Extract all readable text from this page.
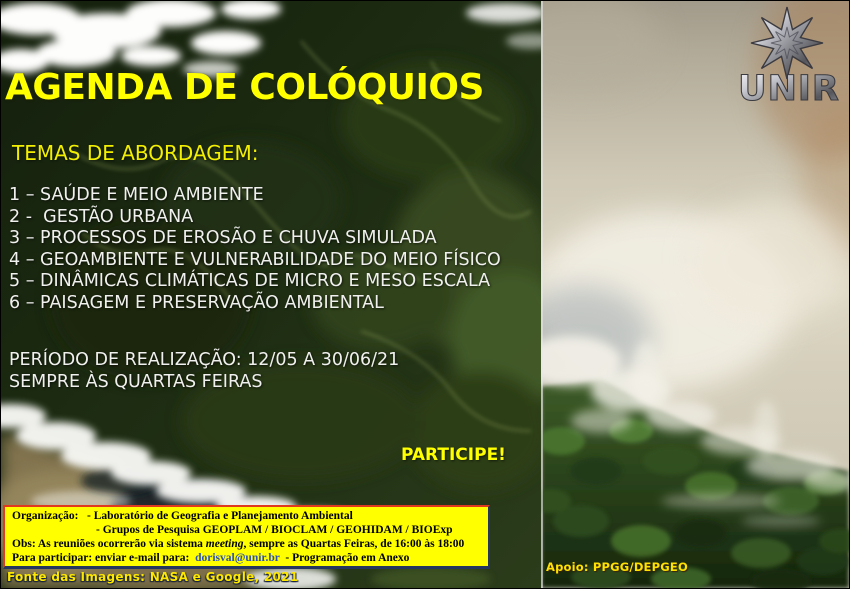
UNIR
AGENDA DE COLÓQUIOS
TEMAS DE ABORDAGEM:
1 – SAÚDE E MEIO AMBIENTE
2 -  GESTÃO URBANA
3 – PROCESSOS DE EROSÃO E CHUVA SIMULADA
4 – GEOAMBIENTE E VULNERABILIDADE DO MEIO FÍSICO
5 – DINÂMICAS CLIMÁTICAS DE MICRO E MESO ESCALA
6 – PAISAGEM E PRESERVAÇÃO AMBIENTAL
PERÍODO DE REALIZAÇÃO: 12/05 A 30/06/21
SEMPRE ÀS QUARTAS FEIRAS
PARTICIPE!
Organização:   - Laboratório de Geografia e Planejamento Ambiental
- Grupos de Pesquisa GEOPLAM / BIOCLAM / GEOHIDAM / BIOExp
Obs: As reuniões ocorrerão via sistema meeting, sempre as Quartas Feiras, de 16:00 às 18:00
Para participar: enviar e-mail para:  dorisval@unir.br  - Programação em Anexo
Fonte das Imagens: NASA e Google, 2021
Apoio: PPGG/DEPGEO
